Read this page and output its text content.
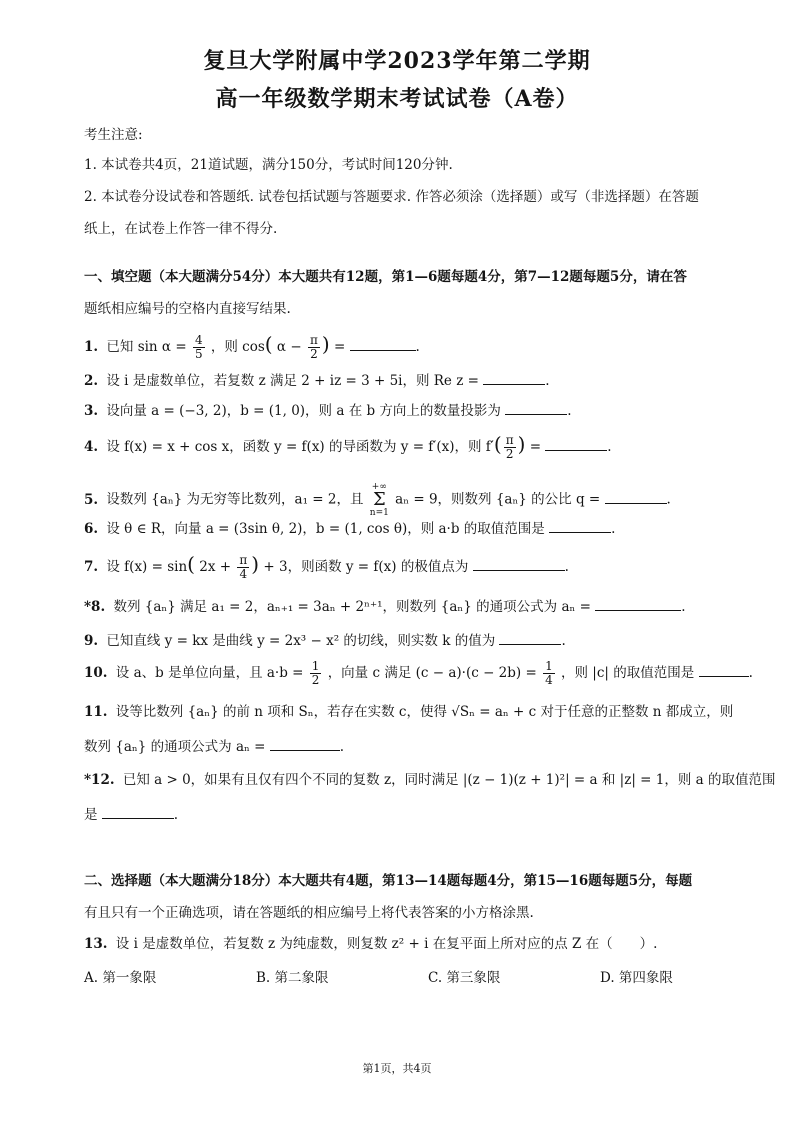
复旦大学附属中学2023学年第二学期
高一年级数学期末考试试卷（A卷）
考生注意:
1. 本试卷共4页，21道试题，满分150分，考试时间120分钟.
2. 本试卷分设试卷和答题纸. 试卷包括试题与答题要求. 作答必须涂（选择题）或写（非选择题）在答题
纸上，在试卷上作答一律不得分.
一、填空题（本大题满分54分）本大题共有12题，第1—6题每题4分，第7—12题每题5分，请在答
题纸相应编号的空格内直接写结果.
1. 已知 $\sin \alpha = \frac{4}{5}$ ，则 cos( $\alpha - \frac{\pi}{2}$ ) =	.
2. 设 i 是虚数单位，若复数 z 满足 2 + iz = 3 + 5i，则 Re z =	.
3. 设向量 a = (−3, 2)，b = (1, 0)，则 a 在 b 方向上的数量投影为	.
4. 设 f(x) = x + cos x，函数 y = f(x) 的导函数为 y = f′(x)，则 $f'( \frac{\pi}{2}$ ) =	.
5. 设数列 {aₙ} 为无穷等比数列，a₁ = 2，且
+∞
Σ
n=1
aₙ = 9，则数列 {aₙ} 的公比 q =	.
6. 设 θ ∈ R，向量 a = (3sin θ, 2)，b = (1, cos θ)，则 a·b 的取值范围是	.
7. 设 f(x) = sin( $2x + \frac{\pi}{4}$ ) + 3，则函数 y = f(x) 的极值点为	.
*8. 数列 {aₙ} 满足 a₁ = 2，aₙ₊₁ = 3aₙ + 2ⁿ⁺¹，则数列 {aₙ} 的通项公式为 aₙ =	.
9. 已知直线 y = kx 是曲线 y = 2x³ − x² 的切线，则实数 k 的值为	.
10. 设 a、b 是单位向量，且 $a\cdot b = \frac{1}{2}$ ，向量 c 满足 $(c - a)\cdot(c - 2b) = \frac{1}{4}$ ，则 |c| 的取值范围是	.
11. 设等比数列 {aₙ} 的前 n 项和 Sₙ，若存在实数 c，使得 √Sₙ = aₙ + c 对于任意的正整数 n 都成立，则
数列 {aₙ} 的通项公式为 aₙ =	.
*12. 已知 a > 0，如果有且仅有四个不同的复数 z，同时满足 |(z − 1)(z + 1)²| = a 和 |z| = 1，则 a 的取值范围
是	.
二、选择题（本大题满分18分）本大题共有4题，第13—14题每题4分，第15—16题每题5分，每题
有且只有一个正确选项，请在答题纸的相应编号上将代表答案的小方格涂黑.
13. 设 i 是虚数单位，若复数 z 为纯虚数，则复数 z² + i 在复平面上所对应的点 Z 在（　　）.
A. 第一象限	B. 第二象限	C. 第三象限	D. 第四象限
第1页，共4页
